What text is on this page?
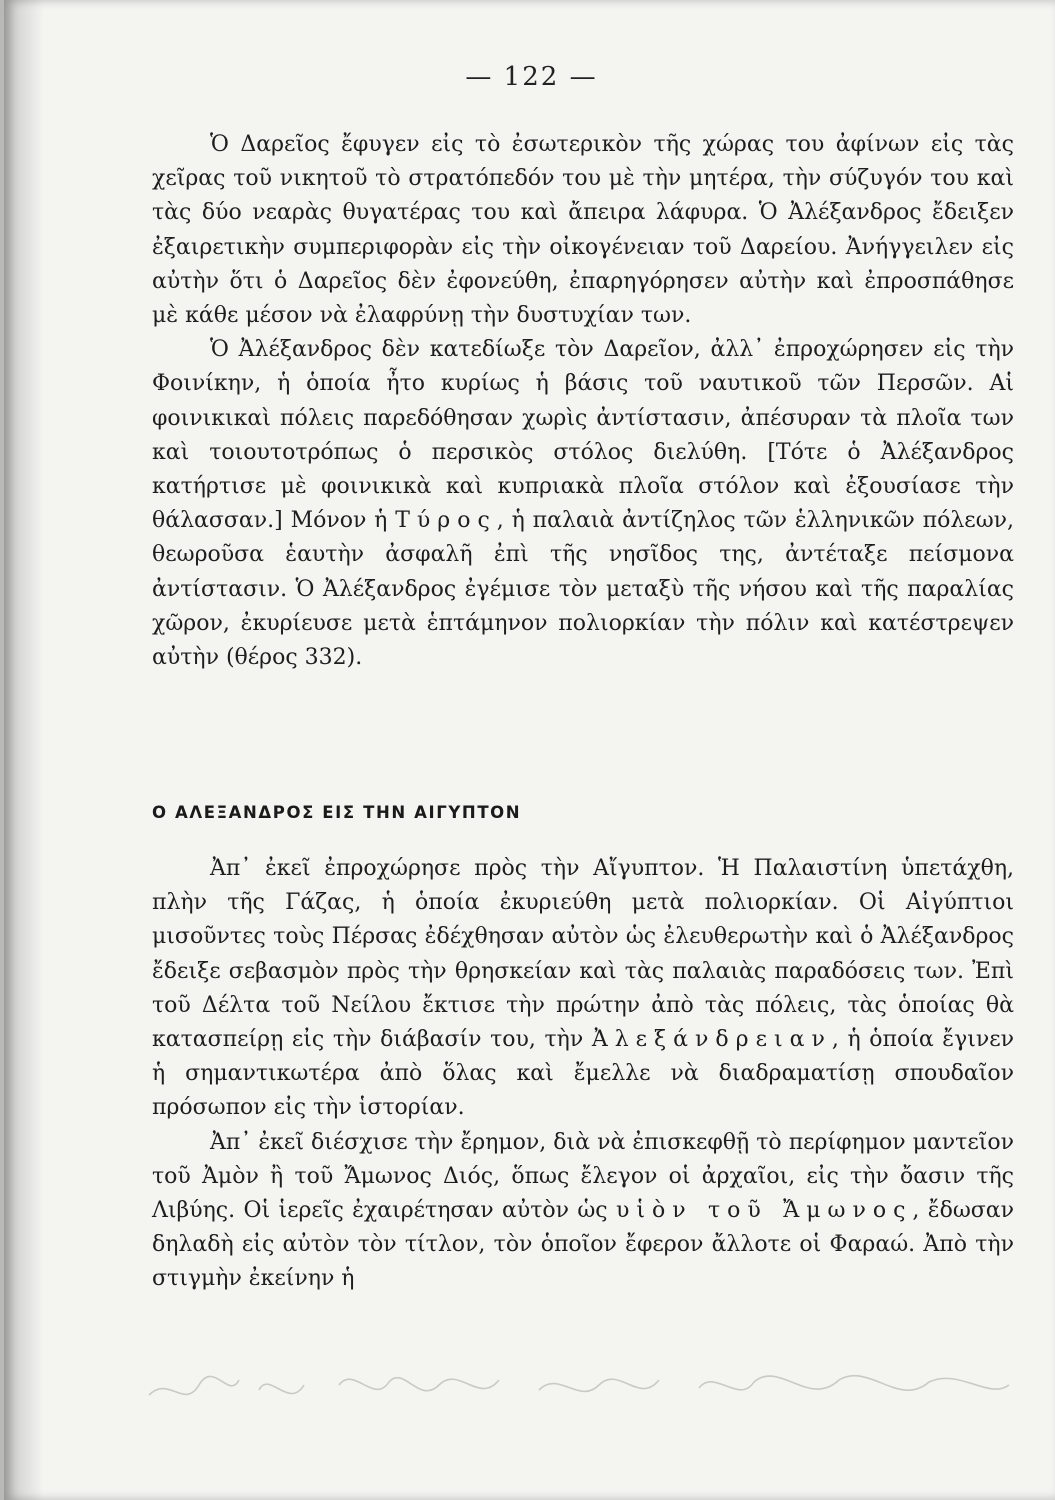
— 122 —

Ὁ Δαρεῖος ἔφυγεν εἰς τὸ ἐσωτερικὸν τῆς χώρας του ἀφίνων εἰς τὰς χεῖρας τοῦ νικητοῦ τὸ στρατόπεδόν του μὲ τὴν μητέρα, τὴν σύζυγόν του καὶ τὰς δύο νεαρὰς θυγατέρας του καὶ ἄπειρα λάφυρα. Ὁ Ἀλέξανδρος ἔδειξεν ἐξαιρετικὴν συμπεριφορὰν εἰς τὴν οἰκογένειαν τοῦ Δαρείου. Ἀνήγγειλεν εἰς αὐτὴν ὅτι ὁ Δαρεῖος δὲν ἐφονεύθη, ἐπαρηγόρησεν αὐτὴν καὶ ἐπροσπάθησε μὲ κάθε μέσον νὰ ἐλαφρύνῃ τὴν δυστυχίαν των.

Ὁ Ἀλέξανδρος δὲν κατεδίωξε τὸν Δαρεῖον, ἀλλ᾿ ἐπροχώρησεν εἰς τὴν Φοινίκην, ἡ ὁποία ἦτο κυρίως ἡ βάσις τοῦ ναυτικοῦ τῶν Περσῶν. Αἱ φοινικικαὶ πόλεις παρεδόθησαν χωρὶς ἀντίστασιν, ἀπέσυραν τὰ πλοῖα των καὶ τοιουτοτρόπως ὁ περσικὸς στόλος διελύθη. [Τότε ὁ Ἀλέξανδρος κατήρτισε μὲ φοινικικὰ καὶ κυπριακὰ πλοῖα στόλον καὶ ἐξουσίασε τὴν θάλασσαν.] Μόνον ἡ Τύρος, ἡ παλαιὰ ἀντίζηλος τῶν ἑλληνικῶν πόλεων, θεωροῦσα ἑαυτὴν ἀσφαλῆ ἐπὶ τῆς νησῖδος της, ἀντέταξε πείσμονα ἀντίστασιν. Ὁ Ἀλέξανδρος ἐγέμισε τὸν μεταξὺ τῆς νήσου καὶ τῆς παραλίας χῶρον, ἐκυρίευσε μετὰ ἑπτάμηνον πολιορκίαν τὴν πόλιν καὶ κατέστρεψεν αὐτὴν (θέρος 332).

Ο ΑΛΕΞΑΝΔΡΟΣ ΕΙΣ ΤΗΝ ΑΙΓΥΠΤΟΝ

Ἀπ᾿ ἐκεῖ ἐπροχώρησε πρὸς τὴν Αἴγυπτον. Ἡ Παλαιστίνη ὑπετάχθη, πλὴν τῆς Γάζας, ἡ ὁποία ἐκυριεύθη μετὰ πολιορκίαν. Οἱ Αἰγύπτιοι μισοῦντες τοὺς Πέρσας ἐδέχθησαν αὐτὸν ὡς ἐλευθερωτὴν καὶ ὁ Ἀλέξανδρος ἔδειξε σεβασμὸν πρὸς τὴν θρησκείαν καὶ τὰς παλαιὰς παραδόσεις των. Ἐπὶ τοῦ Δέλτα τοῦ Νείλου ἔκτισε τὴν πρώτην ἀπὸ τὰς πόλεις, τὰς ὁποίας θὰ κατασπείρῃ εἰς τὴν διάβασίν του, τὴν Ἀλεξάνδρειαν, ἡ ὁποία ἔγινεν ἡ σημαντικωτέρα ἀπὸ ὅλας καὶ ἔμελλε νὰ διαδραματίσῃ σπουδαῖον πρόσωπον εἰς τὴν ἱστορίαν.

Ἀπ᾿ ἐκεῖ διέσχισε τὴν ἔρημον, διὰ νὰ ἐπισκεφθῇ τὸ περίφημον μαντεῖον τοῦ Ἀμὸν ἢ τοῦ Ἄμωνος Διός, ὅπως ἔλεγον οἱ ἀρχαῖοι, εἰς τὴν ὄασιν τῆς Λιβύης. Οἱ ἱερεῖς ἐχαιρέτησαν αὐτὸν ὡς υἱὸν τοῦ Ἄμωνος, ἔδωσαν δηλαδὴ εἰς αὐτὸν τὸν τίτλον, τὸν ὁποῖον ἔφερον ἄλλοτε οἱ Φαραώ. Ἀπὸ τὴν στιγμὴν ἐκείνην ἡ
